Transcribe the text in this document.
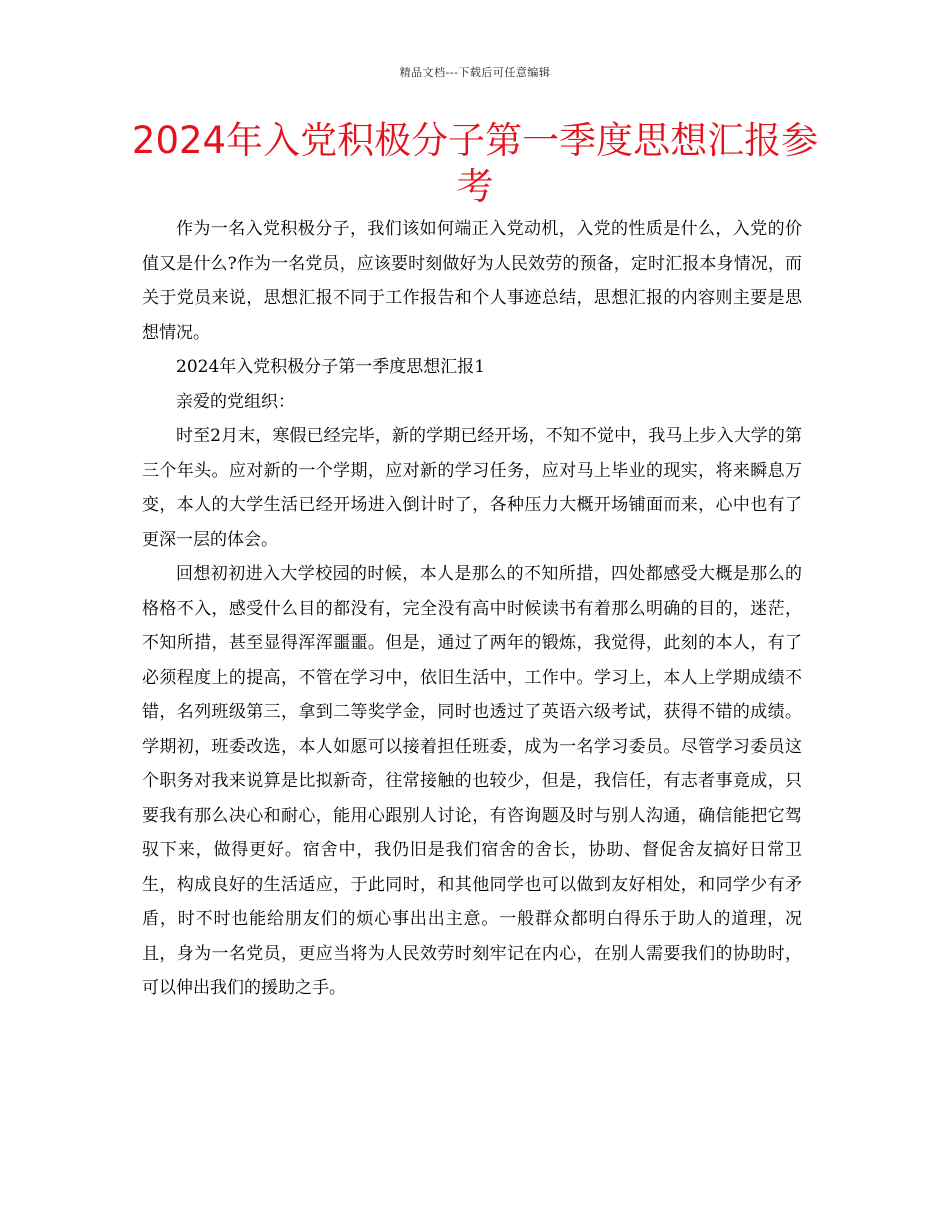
精品文档---下载后可任意编辑
2024年入党积极分子第一季度思想汇报参考

作为一名入党积极分子，我们该如何端正入党动机，入党的性质是什么，入党的价值又是什么?作为一名党员，应该要时刻做好为人民效劳的预备，定时汇报本身情况，而关于党员来说，思想汇报不同于工作报告和个人事迹总结，思想汇报的内容则主要是思想情况。

2024年入党积极分子第一季度思想汇报1

亲爱的党组织：

时至2月末，寒假已经完毕，新的学期已经开场，不知不觉中，我马上步入大学的第三个年头。应对新的一个学期，应对新的学习任务，应对马上毕业的现实，将来瞬息万变，本人的大学生活已经开场进入倒计时了，各种压力大概开场铺面而来，心中也有了更深一层的体会。

回想初初进入大学校园的时候，本人是那么的不知所措，四处都感受大概是那么的格格不入，感受什么目的都没有，完全没有高中时候读书有着那么明确的目的，迷茫，不知所措，甚至显得浑浑噩噩。但是，通过了两年的锻炼，我觉得，此刻的本人，有了必须程度上的提高，不管在学习中，依旧生活中，工作中。学习上，本人上学期成绩不错，名列班级第三，拿到二等奖学金，同时也透过了英语六级考试，获得不错的成绩。学期初，班委改选，本人如愿可以接着担任班委，成为一名学习委员。尽管学习委员这个职务对我来说算是比拟新奇，往常接触的也较少，但是，我信任，有志者事竟成，只要我有那么决心和耐心，能用心跟别人讨论，有咨询题及时与别人沟通，确信能把它驾驭下来，做得更好。宿舍中，我仍旧是我们宿舍的舍长，协助、督促舍友搞好日常卫生，构成良好的生活适应，于此同时，和其他同学也可以做到友好相处，和同学少有矛盾，时不时也能给朋友们的烦心事出出主意。一般群众都明白得乐于助人的道理，况且，身为一名党员，更应当将为人民效劳时刻牢记在内心，在别人需要我们的协助时，可以伸出我们的援助之手。
